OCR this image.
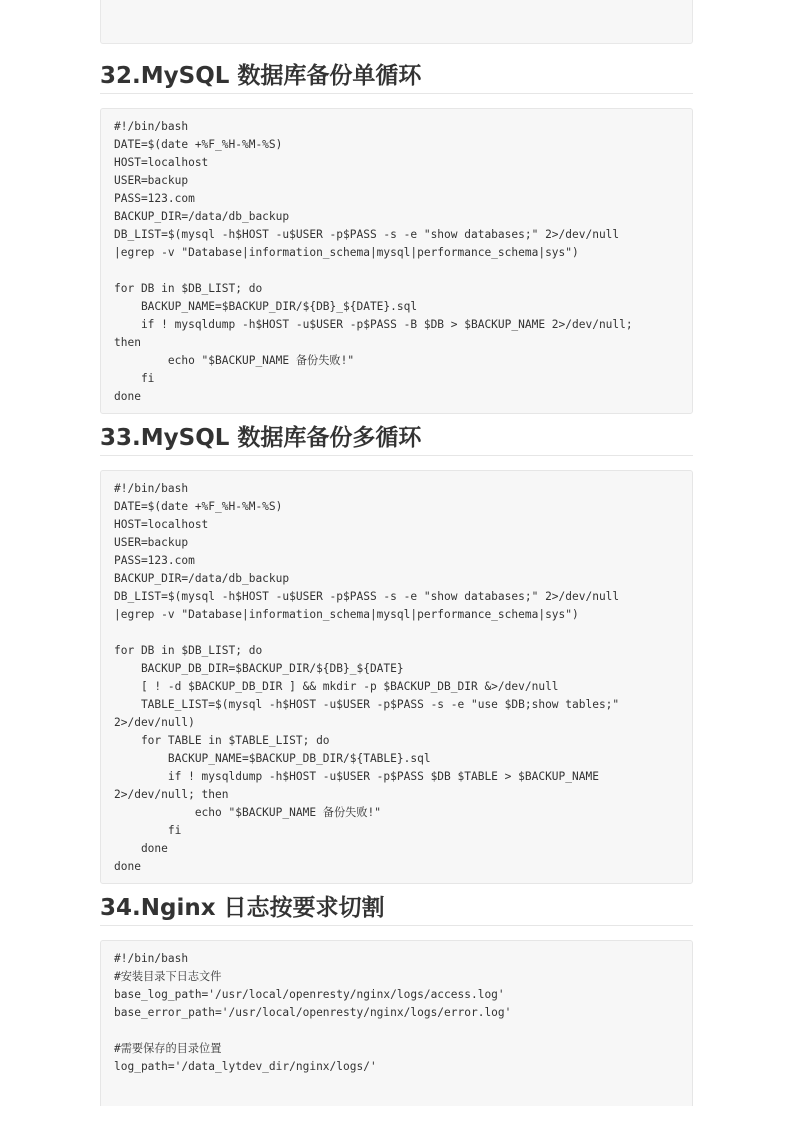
32.MySQL 数据库备份单循环
#!/bin/bash
DATE=$(date +%F_%H-%M-%S)
HOST=localhost
USER=backup
PASS=123.com
BACKUP_DIR=/data/db_backup
DB_LIST=$(mysql -h$HOST -u$USER -p$PASS -s -e "show databases;" 2>/dev/null
|egrep -v "Database|information_schema|mysql|performance_schema|sys")
for DB in $DB_LIST; do
BACKUP_NAME=$BACKUP_DIR/${DB}_${DATE}.sql
if ! mysqldump -h$HOST -u$USER -p$PASS -B $DB > $BACKUP_NAME 2>/dev/null;
then
echo "$BACKUP_NAME 备份失败!"
fi
done
33.MySQL 数据库备份多循环
#!/bin/bash
DATE=$(date +%F_%H-%M-%S)
HOST=localhost
USER=backup
PASS=123.com
BACKUP_DIR=/data/db_backup
DB_LIST=$(mysql -h$HOST -u$USER -p$PASS -s -e "show databases;" 2>/dev/null
|egrep -v "Database|information_schema|mysql|performance_schema|sys")
for DB in $DB_LIST; do
BACKUP_DB_DIR=$BACKUP_DIR/${DB}_${DATE}
[ ! -d $BACKUP_DB_DIR ] && mkdir -p $BACKUP_DB_DIR &>/dev/null
TABLE_LIST=$(mysql -h$HOST -u$USER -p$PASS -s -e "use $DB;show tables;"
2>/dev/null)
for TABLE in $TABLE_LIST; do
BACKUP_NAME=$BACKUP_DB_DIR/${TABLE}.sql
if ! mysqldump -h$HOST -u$USER -p$PASS $DB $TABLE > $BACKUP_NAME
2>/dev/null; then
echo "$BACKUP_NAME 备份失败!"
fi
done
done
34.Nginx 日志按要求切割
#!/bin/bash
#安装目录下日志文件
base_log_path='/usr/local/openresty/nginx/logs/access.log'
base_error_path='/usr/local/openresty/nginx/logs/error.log'
#需要保存的目录位置
log_path='/data_lytdev_dir/nginx/logs/'
